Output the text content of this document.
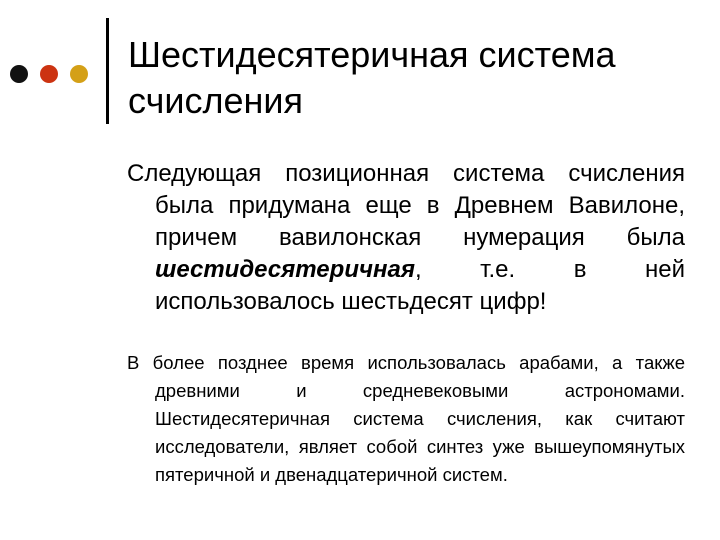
Шестидесятеричная система счисления

Следующая позиционная система счисления была придумана еще в Древнем Вавилоне, причем вавилонская нумерация была шестидесятеричная, т.е. в ней использовалось шестьдесят цифр!

В более позднее время использовалась арабами, а также древними и средневековыми астрономами. Шестидесятеричная система счисления, как считают исследователи, являет собой синтез уже вышеупомянутых пятеричной и двенадцатеричной систем.
